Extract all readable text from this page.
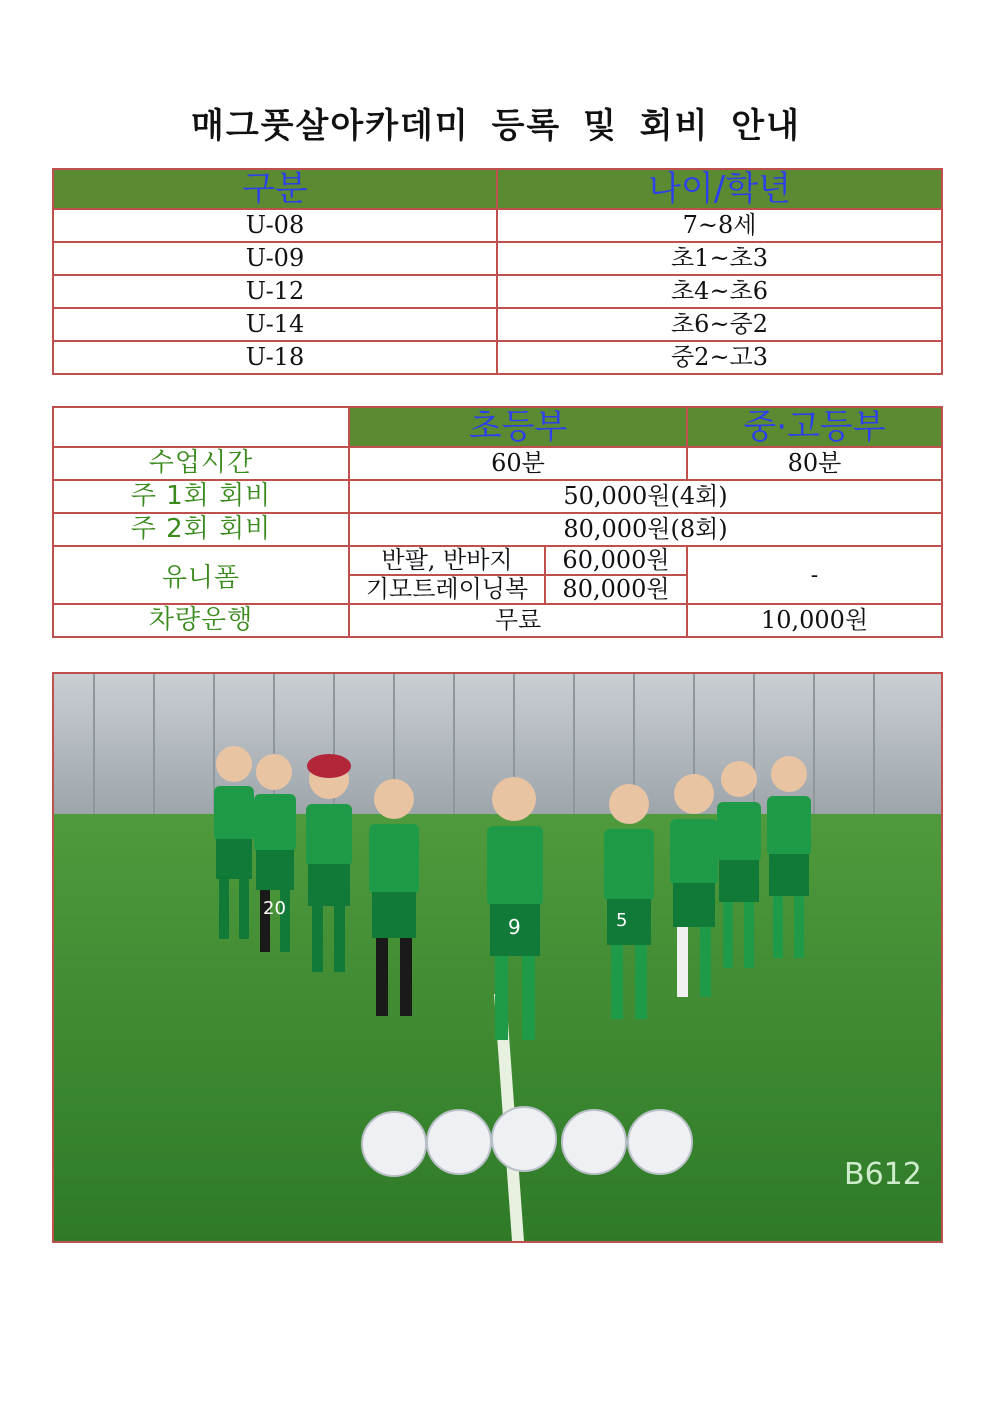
매그풋살아카데미 등록 및 회비 안내
구분	나이/학년
U-08	7~8세
U-09	초1~초3
U-12	초4~초6
U-14	초6~중2
U-18	중2~고3
	초등부		중·고등부
수업시간	60분		80분
주 1회 회비	50,000원(4회)		
주 2회 회비	80,000원(8회)		
유니폼	반팔, 반바지	60,000원	-
	기모트레이닝복	80,000원	
차량운행	무료		10,000원
20
9	5
B612
